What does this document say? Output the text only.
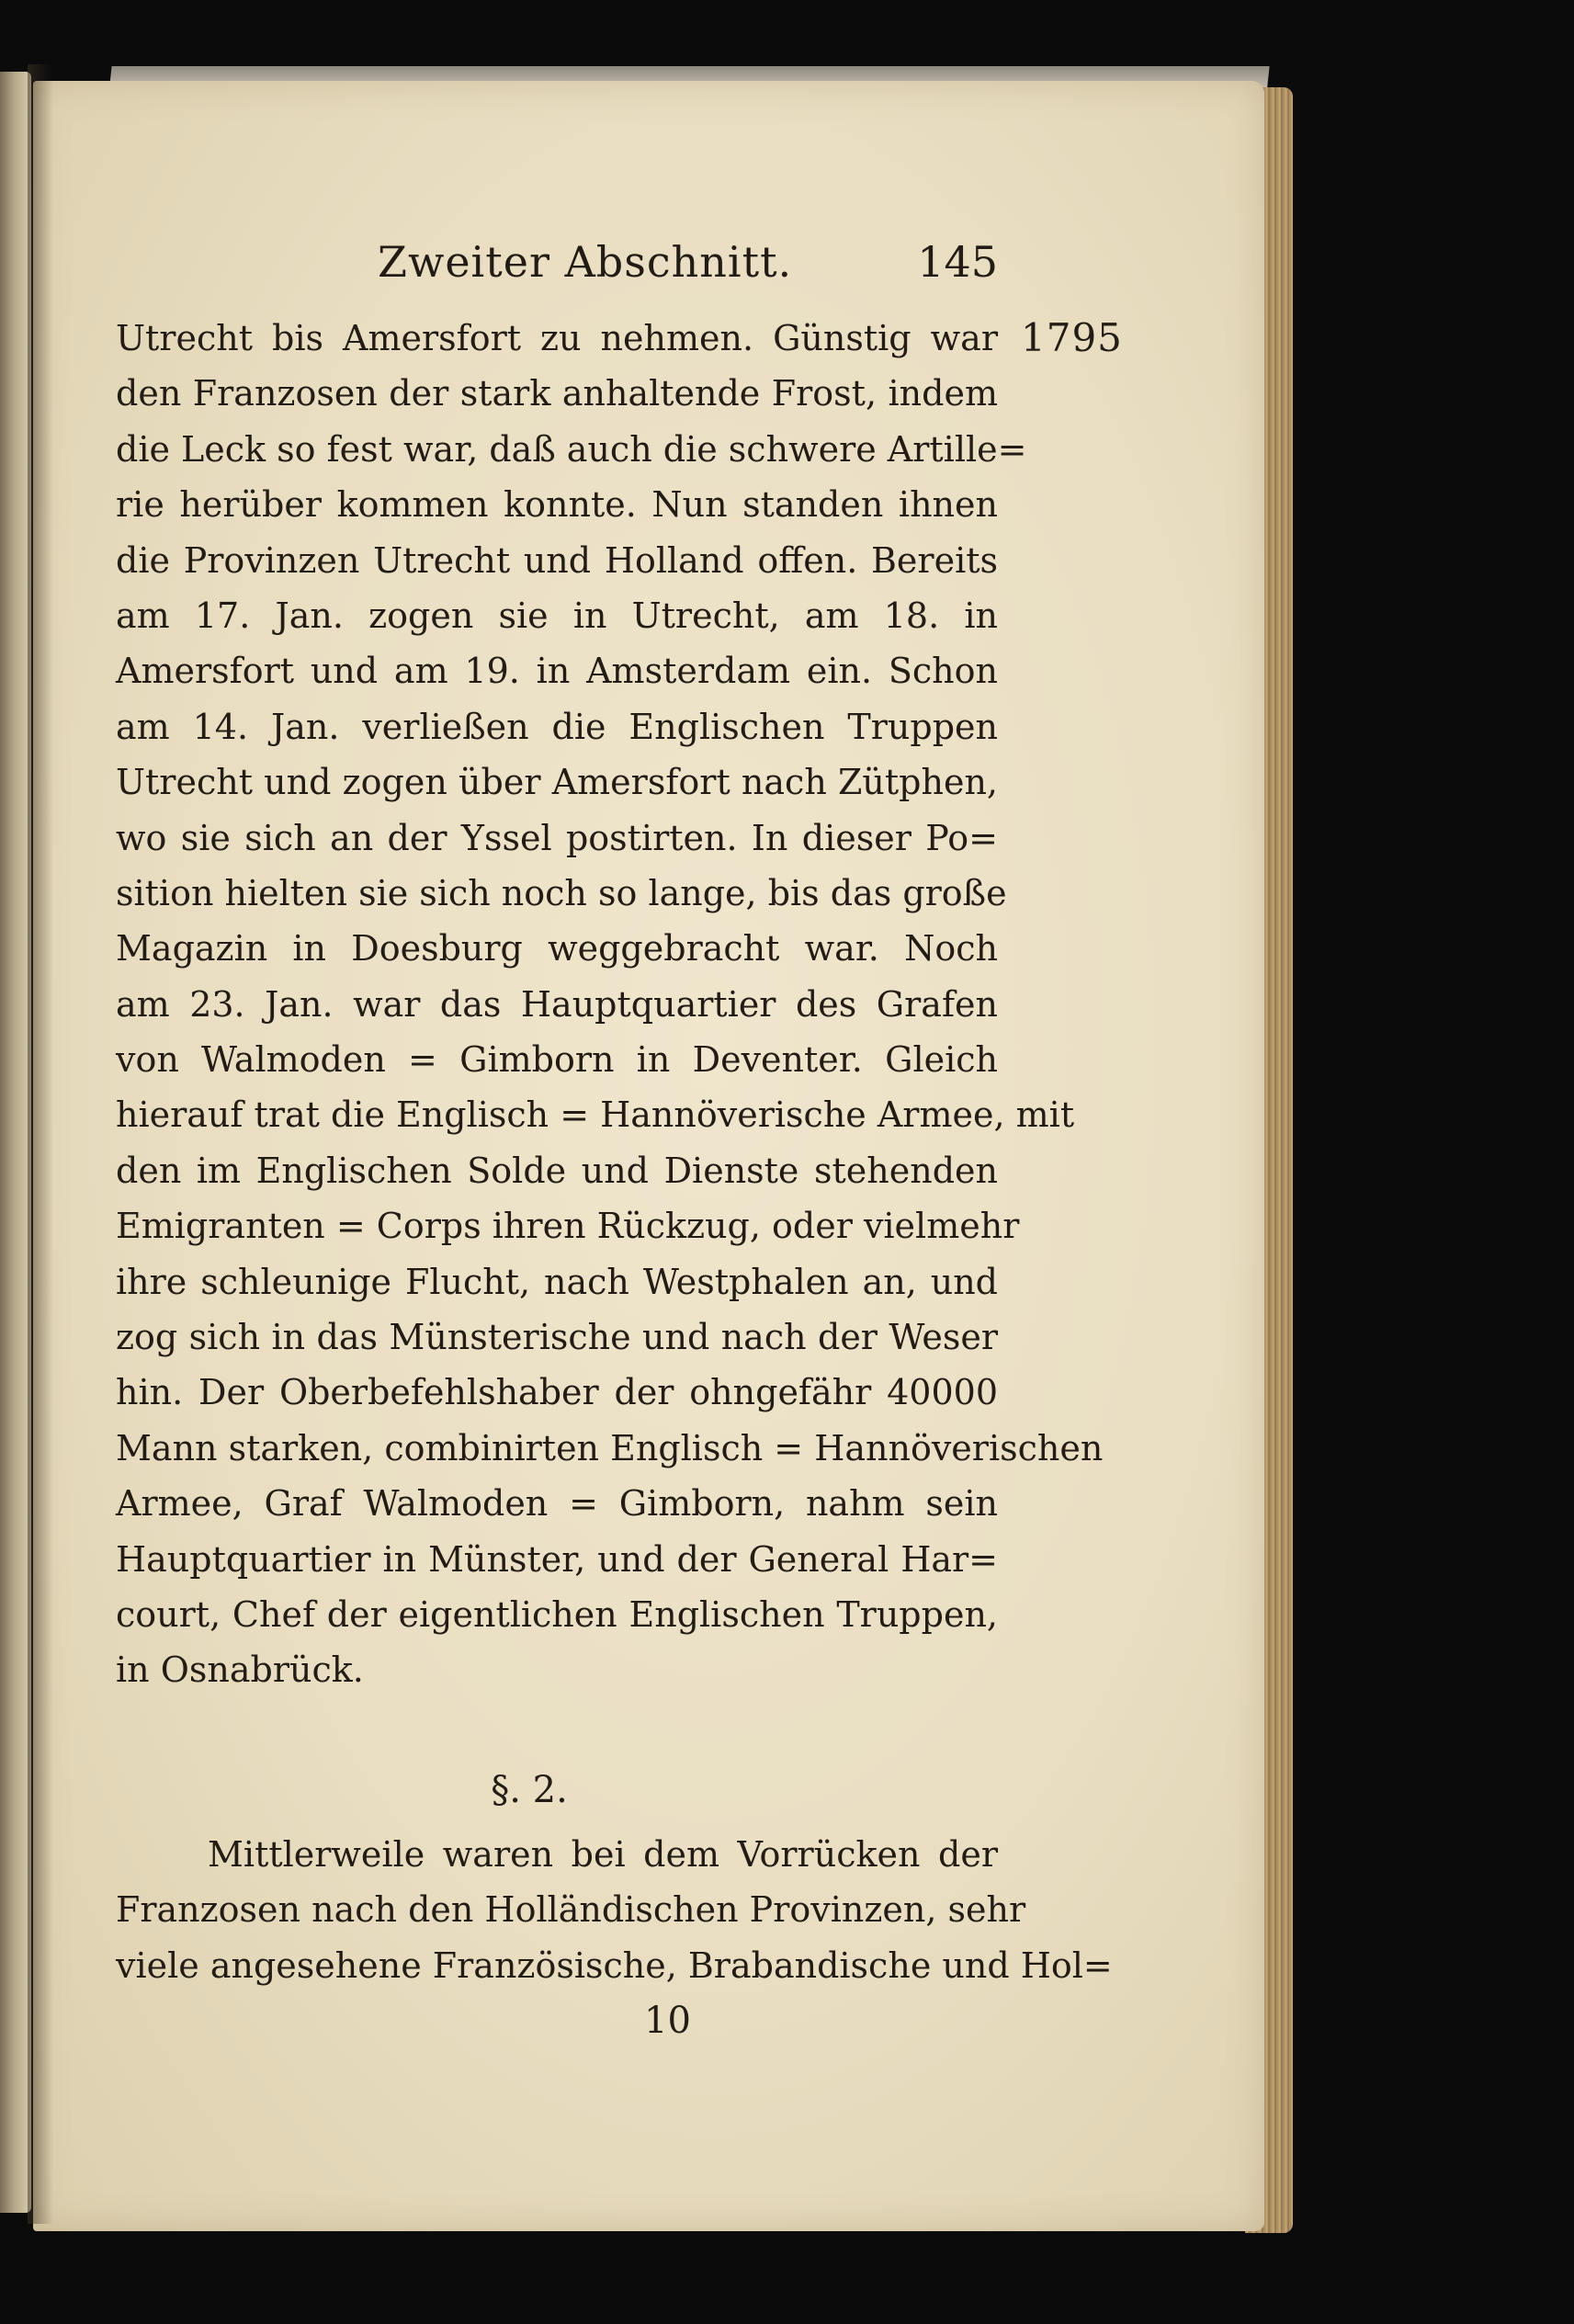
Zweiter Abschnitt.	145
Utrecht bis Amersfort zu nehmen. Günstig war 1795
den Franzosen der stark anhaltende Frost, indem
die Leck so fest war, daß auch die schwere Artille=
rie herüber kommen konnte. Nun standen ihnen
die Provinzen Utrecht und Holland offen. Bereits
am 17. Jan. zogen sie in Utrecht, am 18. in
Amersfort und am 19. in Amsterdam ein. Schon
am 14. Jan. verließen die Englischen Truppen
Utrecht und zogen über Amersfort nach Zütphen,
wo sie sich an der Yssel postirten. In dieser Po=
sition hielten sie sich noch so lange, bis das große
Magazin in Doesburg weggebracht war. Noch
am 23. Jan. war das Hauptquartier des Grafen
von Walmoden = Gimborn in Deventer. Gleich
hierauf trat die Englisch = Hannöverische Armee, mit
den im Englischen Solde und Dienste stehenden
Emigranten = Corps ihren Rückzug, oder vielmehr
ihre schleunige Flucht, nach Westphalen an, und
zog sich in das Münsterische und nach der Weser
hin. Der Oberbefehlshaber der ohngefähr 40000
Mann starken, combinirten Englisch = Hannöverischen
Armee, Graf Walmoden = Gimborn, nahm sein
Hauptquartier in Münster, und der General Har=
court, Chef der eigentlichen Englischen Truppen,
in Osnabrück.
§. 2.
Mittlerweile waren bei dem Vorrücken der
Franzosen nach den Holländischen Provinzen, sehr
viele angesehene Französische, Brabandische und Hol=
10
